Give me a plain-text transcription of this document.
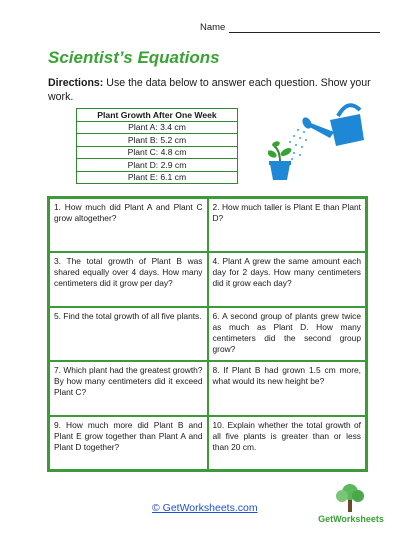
Name
Scientist’s Equations
Directions: Use the data below to answer each question. Show your work.
Plant Growth After One Week
Plant A: 3.4 cm
Plant B: 5.2 cm
Plant C: 4.8 cm
Plant D: 2.9 cm
Plant E: 6.1 cm
1. How much did Plant A and Plant C grow altogether?
2. How much taller is Plant E than Plant D?
3. The total growth of Plant B was shared equally over 4 days. How many centimeters did it grow per day?
4. Plant A grew the same amount each day for 2 days. How many centimeters did it grow each day?
5. Find the total growth of all five plants.	6. A second group of plants grew twice as much as Plant D. How many centimeters did the second group grow?
7. Which plant had the greatest growth? By how many centimeters did it exceed Plant C?
8. If Plant B had grown 1.5 cm more, what would its new height be?
9. How much more did Plant B and Plant E grow together than Plant A and Plant D together?
10. Explain whether the total growth of all five plants is greater than or less than 20 cm.
© GetWorksheets.com
GetWorksheets
